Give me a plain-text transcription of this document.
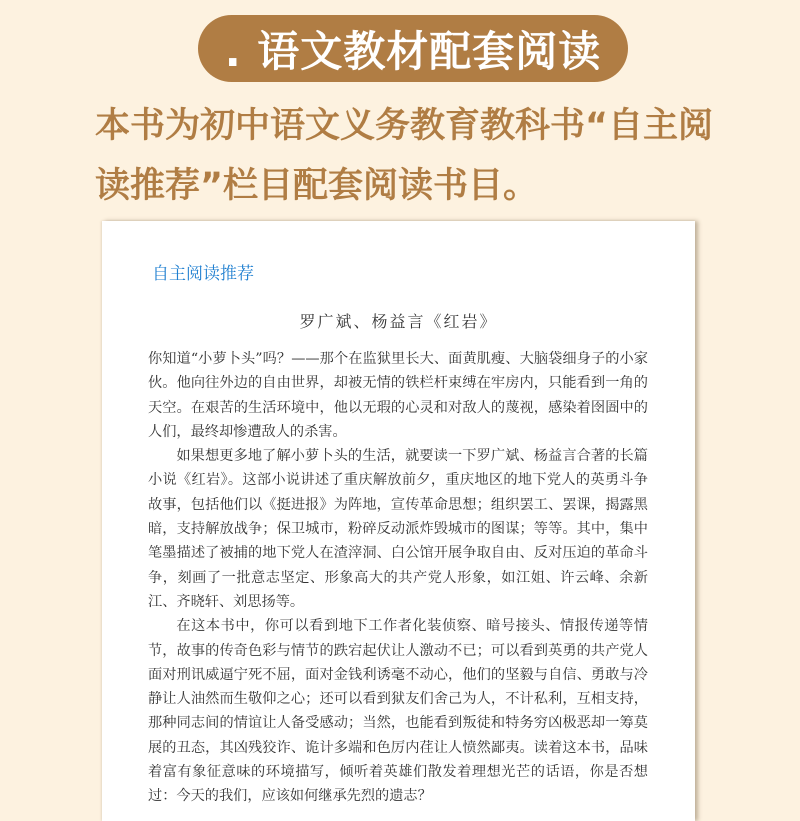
. 语文教材配套阅读
本书为初中语文义务教育教科书“自主阅读推荐”栏目配套阅读书目。
自主阅读推荐
罗广斌、杨益言《红岩》

你知道“小萝卜头”吗？——那个在监狱里长大、面黄肌瘦、大脑袋细身子的小家伙。他向往外边的自由世界，却被无情的铁栏杆束缚在牢房内，只能看到一角的天空。在艰苦的生活环境中，他以无瑕的心灵和对敌人的蔑视，感染着囹圄中的人们，最终却惨遭敌人的杀害。

如果想更多地了解小萝卜头的生活，就要读一下罗广斌、杨益言合著的长篇小说《红岩》。这部小说讲述了重庆解放前夕，重庆地区的地下党人的英勇斗争故事，包括他们以《挺进报》为阵地，宣传革命思想；组织罢工、罢课，揭露黑暗，支持解放战争；保卫城市，粉碎反动派炸毁城市的图谋；等等。其中，集中笔墨描述了被捕的地下党人在渣滓洞、白公馆开展争取自由、反对压迫的革命斗争，刻画了一批意志坚定、形象高大的共产党人形象，如江姐、许云峰、余新江、齐晓轩、刘思扬等。

在这本书中，你可以看到地下工作者化装侦察、暗号接头、情报传递等情节，故事的传奇色彩与情节的跌宕起伏让人激动不已；可以看到英勇的共产党人面对刑讯威逼宁死不屈，面对金钱利诱毫不动心，他们的坚毅与自信、勇敢与冷静让人油然而生敬仰之心；还可以看到狱友们舍己为人，不计私利，互相支持，那种同志间的情谊让人备受感动；当然，也能看到叛徒和特务穷凶极恶却一筹莫展的丑态，其凶残狡诈、诡计多端和色厉内荏让人愤然鄙夷。读着这本书，品味着富有象征意味的环境描写，倾听着英雄们散发着理想光芒的话语，你是否想过：今天的我们，应该如何继承先烈的遗志？
